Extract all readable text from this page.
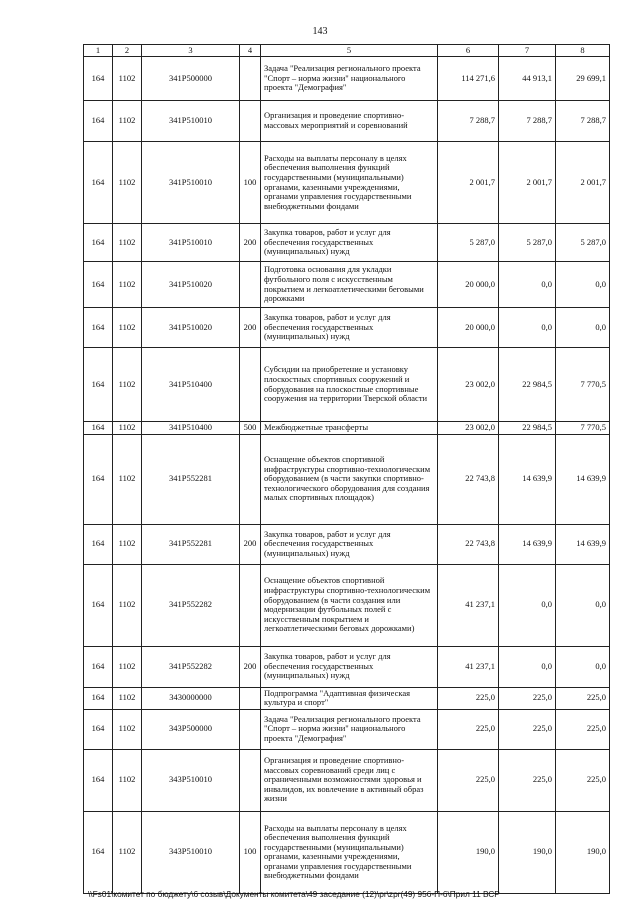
143
1	2	3	4	5	6	7	8
164	1102	341P500000		Задача "Реализация регионального проекта "Спорт – норма жизни" национального проекта "Демография"	114 271,6	44 913,1	29 699,1
164	1102	341P510010		Организация и проведение спортивно-массовых мероприятий и соревнований	7 288,7	7 288,7	7 288,7
164	1102	341P510010	100	Расходы на выплаты персоналу в целях обеспечения выполнения функций государственными (муниципальными) органами, казенными учреждениями, органами управления государственными внебюджетными фондами	2 001,7	2 001,7	2 001,7
164	1102	341P510010	200	Закупка товаров, работ и услуг для обеспечения государственных (муниципальных) нужд	5 287,0	5 287,0	5 287,0
164	1102	341P510020		Подготовка основания для укладки футбольного поля с искусственным покрытием и легкоатлетическими беговыми дорожками	20 000,0	0,0	0,0
164	1102	341P510020	200	Закупка товаров, работ и услуг для обеспечения государственных (муниципальных) нужд	20 000,0	0,0	0,0
164	1102	341P510400		Субсидии на приобретение и установку плоскостных спортивных сооружений и оборудования на плоскостные спортивные сооружения на территории Тверской области	23 002,0	22 984,5	7 770,5
164	1102	341P510400	500	Межбюджетные трансферты	23 002,0	22 984,5	7 770,5
164	1102	341P552281		Оснащение объектов спортивной инфраструктуры спортивно-технологическим оборудованием (в части закупки спортивно-технологического оборудования для создания малых спортивных площадок)	22 743,8	14 639,9	14 639,9
164	1102	341P552281	200	Закупка товаров, работ и услуг для обеспечения государственных (муниципальных) нужд	22 743,8	14 639,9	14 639,9
164	1102	341P552282		Оснащение объектов спортивной инфраструктуры спортивно-технологическим оборудованием (в части создания или модернизации футбольных полей с искусственным покрытием и легкоатлетическими беговых дорожками)	41 237,1	0,0	0,0
164	1102	341P552282	200	Закупка товаров, работ и услуг для обеспечения государственных (муниципальных) нужд	41 237,1	0,0	0,0
164	1102	3430000000		Подпрограмма "Адаптивная физическая культура и спорт"	225,0	225,0	225,0
164	1102	343P500000		Задача "Реализация регионального проекта "Спорт – норма жизни" национального проекта "Демография"	225,0	225,0	225,0
164	1102	343P510010		Организация и проведение спортивно-массовых соревнований среди лиц с ограниченными возможностями здоровья и инвалидов, их вовлечение в активный образ жизни	225,0	225,0	225,0
164	1102	343P510010	100	Расходы на выплаты персоналу в целях обеспечения выполнения функций государственными (муниципальными) органами, казенными учреждениями, органами управления государственными внебюджетными фондами	190,0	190,0	190,0
\\Fs01\комитет по бюджету\6 созыв\Документы комитета\49 заседание (12)\pr\zpr(49) 956-П-6\Прил 11 ВСР
